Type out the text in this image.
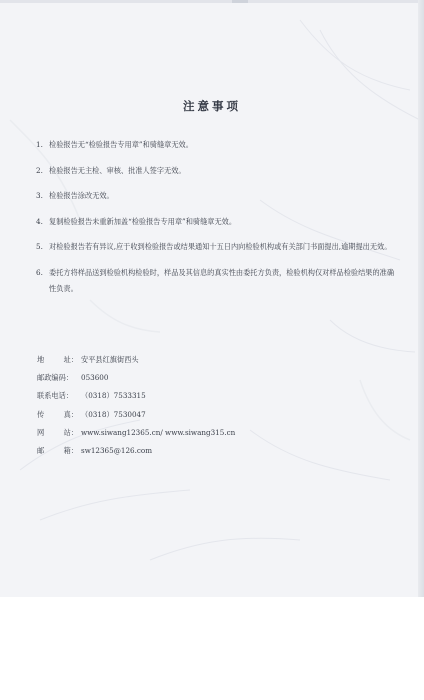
注意事项
1. 检验报告无“检验报告专用章”和骑缝章无效。
2. 检验报告无主检、审核、批准人签字无效。
3. 检验报告涂改无效。
4. 复制检验报告未重新加盖“检验报告专用章”和骑缝章无效。
5. 对检验报告若有异议,应于收到检验报告或结果通知十五日内向检验机构或有关部门书面提出,逾期提出无效。
6. 委托方将样品送到检验机构检验时，样品及其信息的真实性由委托方负责，检验机构仅对样品检验结果的准确性负责。
地	址： 安平县红旗街西头
邮政编码：	053600
联系电话：	（0318）7533315
传	真： （0318）7530047
网	站： www.siwang12365.cn/ www.siwang315.cn
邮	箱： sw12365@126.com
